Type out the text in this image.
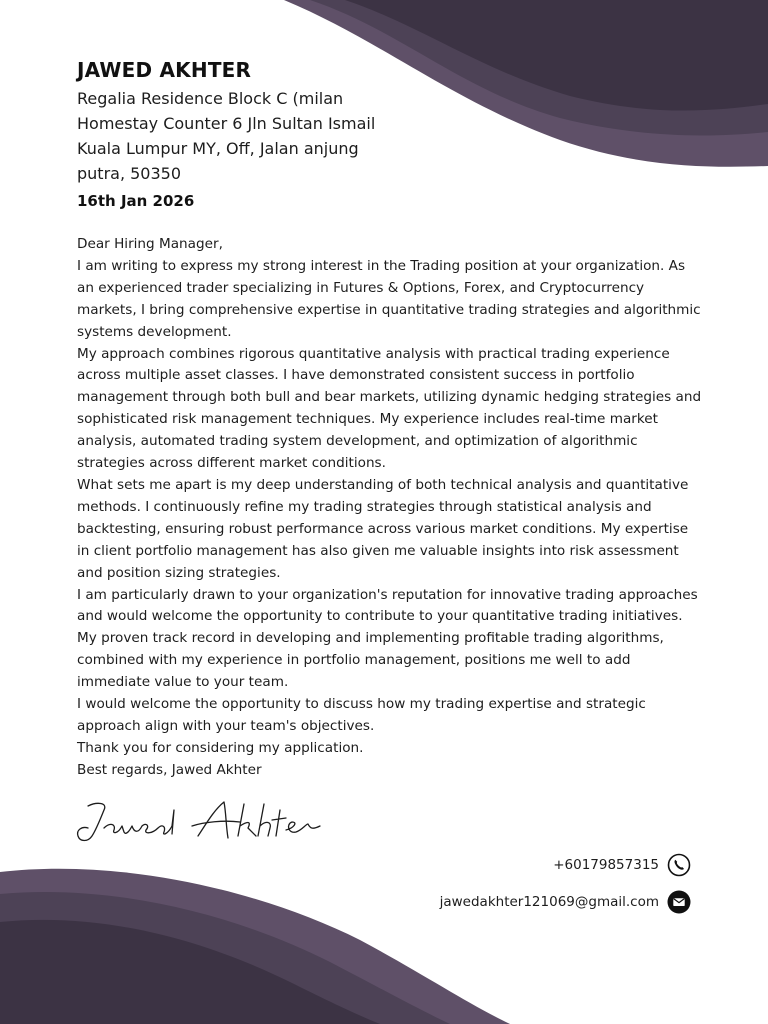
JAWED AKHTER
Regalia Residence Block C (milan
Homestay Counter 6 Jln Sultan Ismail
Kuala Lumpur MY, Off, Jalan anjung
putra, 50350
16th Jan 2026

Dear Hiring Manager,

I am writing to express my strong interest in the Trading position at your organization. As an experienced trader specializing in Futures & Options, Forex, and Cryptocurrency markets, I bring comprehensive expertise in quantitative trading strategies and algorithmic systems development.

My approach combines rigorous quantitative analysis with practical trading experience across multiple asset classes. I have demonstrated consistent success in portfolio management through both bull and bear markets, utilizing dynamic hedging strategies and sophisticated risk management techniques. My experience includes real-time market analysis, automated trading system development, and optimization of algorithmic strategies across different market conditions.

What sets me apart is my deep understanding of both technical analysis and quantitative methods. I continuously refine my trading strategies through statistical analysis and backtesting, ensuring robust performance across various market conditions. My expertise in client portfolio management has also given me valuable insights into risk assessment and position sizing strategies.

I am particularly drawn to your organization's reputation for innovative trading approaches and would welcome the opportunity to contribute to your quantitative trading initiatives. My proven track record in developing and implementing profitable trading algorithms, combined with my experience in portfolio management, positions me well to add immediate value to your team.

I would welcome the opportunity to discuss how my trading expertise and strategic approach align with your team's objectives.

Thank you for considering my application.

Best regards, Jawed Akhter

+60179857315
jawedakhter121069@gmail.com
